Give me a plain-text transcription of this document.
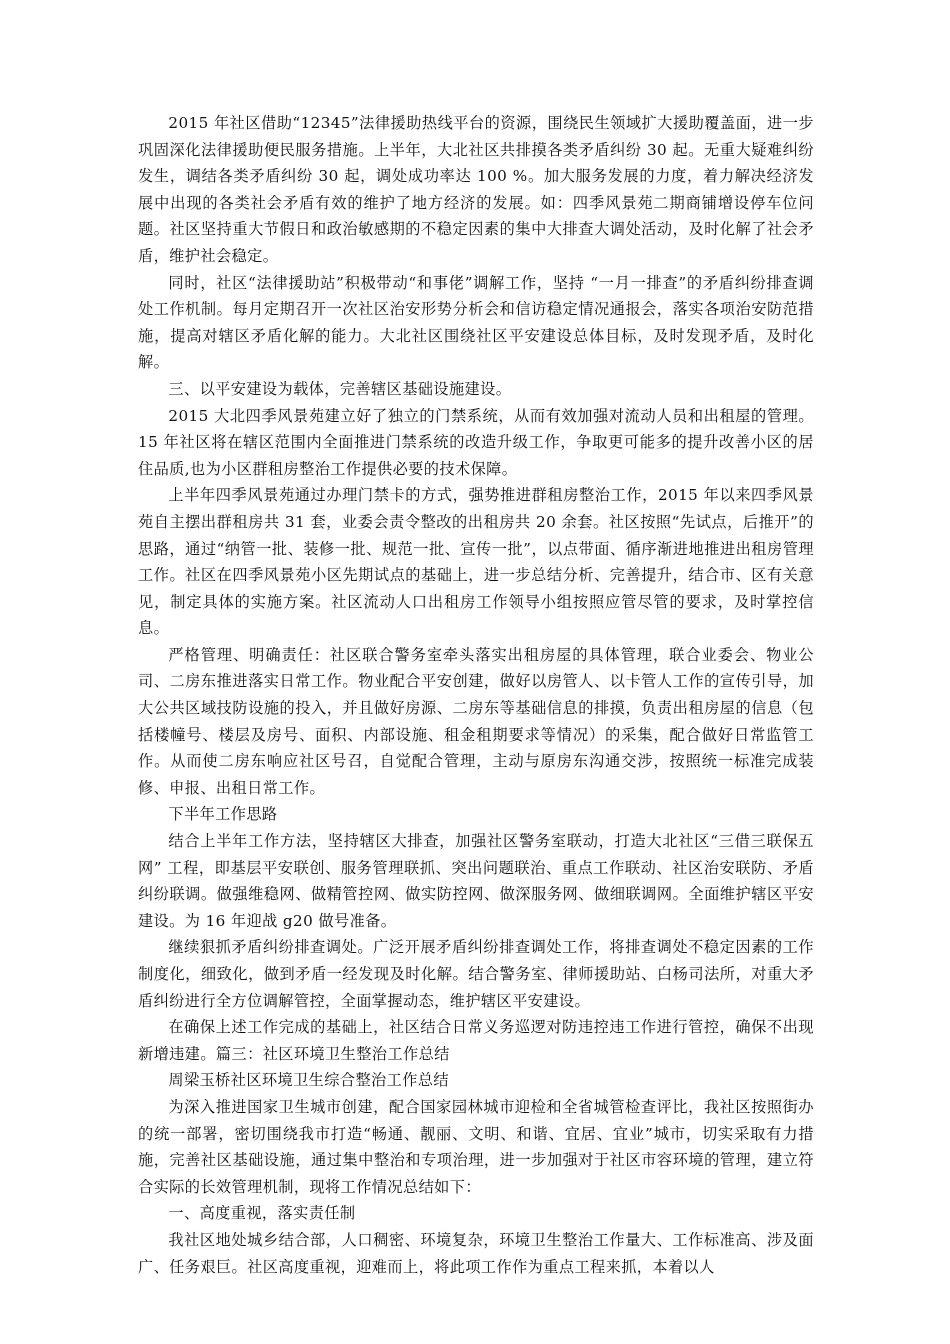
2015 年社区借助“12345”法律援助热线平台的资源，围绕民生领域扩大援助覆盖面，进一步巩固深化法律援助便民服务措施。上半年，大北社区共排摸各类矛盾纠纷 30 起。无重大疑难纠纷发生，调结各类矛盾纠纷 30 起，调处成功率达 100 %。加大服务发展的力度，着力解决经济发展中出现的各类社会矛盾有效的维护了地方经济的发展。如：四季风景苑二期商铺增设停车位问题。社区坚持重大节假日和政治敏感期的不稳定因素的集中大排查大调处活动，及时化解了社会矛盾，维护社会稳定。

同时，社区“法律援助站”积极带动“和事佬”调解工作，坚持 “一月一排查”的矛盾纠纷排查调处工作机制。每月定期召开一次社区治安形势分析会和信访稳定情况通报会，落实各项治安防范措施，提高对辖区矛盾化解的能力。大北社区围绕社区平安建设总体目标，及时发现矛盾，及时化解。

三、以平安建设为载体，完善辖区基础设施建设。

2015 大北四季风景苑建立好了独立的门禁系统，从而有效加强对流动人员和出租屋的管理。15 年社区将在辖区范围内全面推进门禁系统的改造升级工作，争取更可能多的提升改善小区的居住品质,也为小区群租房整治工作提供必要的技术保障。

上半年四季风景苑通过办理门禁卡的方式，强势推进群租房整治工作，2015 年以来四季风景苑自主摆出群租房共 31 套，业委会责令整改的出租房共 20 余套。社区按照“先试点，后推开”的思路，通过“纳管一批、装修一批、规范一批、宣传一批”，以点带面、循序渐进地推进出租房管理工作。社区在四季风景苑小区先期试点的基础上，进一步总结分析、完善提升，结合市、区有关意见，制定具体的实施方案。社区流动人口出租房工作领导小组按照应管尽管的要求，及时掌控信息。

严格管理、明确责任：社区联合警务室牵头落实出租房屋的具体管理，联合业委会、物业公司、二房东推进落实日常工作。物业配合平安创建，做好以房管人、以卡管人工作的宣传引导，加大公共区域技防设施的投入，并且做好房源、二房东等基础信息的排摸，负责出租房屋的信息（包括楼幢号、楼层及房号、面积、内部设施、租金租期要求等情况）的采集，配合做好日常监管工作。从而使二房东响应社区号召，自觉配合管理，主动与原房东沟通交涉，按照统一标准完成装修、申报、出租日常工作。

下半年工作思路

结合上半年工作方法，坚持辖区大排查，加强社区警务室联动，打造大北社区“三借三联保五网” 工程，即基层平安联创、服务管理联抓、突出问题联治、重点工作联动、社区治安联防、矛盾纠纷联调。做强维稳网、做精管控网、做实防控网、做深服务网、做细联调网。全面维护辖区平安建设。为 16 年迎战 g20 做号准备。

继续狠抓矛盾纠纷排查调处。广泛开展矛盾纠纷排查调处工作，将排查调处不稳定因素的工作制度化，细致化，做到矛盾一经发现及时化解。结合警务室、律师援助站、白杨司法所，对重大矛盾纠纷进行全方位调解管控，全面掌握动态，维护辖区平安建设。

在确保上述工作完成的基础上，社区结合日常义务巡逻对防违控违工作进行管控，确保不出现新增违建。篇三：社区环境卫生整治工作总结

周梁玉桥社区环境卫生综合整治工作总结

为深入推进国家卫生城市创建，配合国家园林城市迎检和全省城管检查评比，我社区按照街办的统一部署，密切围绕我市打造“畅通、靓丽、文明、和谐、宜居、宜业”城市，切实采取有力措施，完善社区基础设施，通过集中整治和专项治理，进一步加强对于社区市容环境的管理，建立符合实际的长效管理机制，现将工作情况总结如下：

一、高度重视，落实责任制

我社区地处城乡结合部，人口稠密、环境复杂，环境卫生整治工作量大、工作标准高、涉及面广、任务艰巨。社区高度重视，迎难而上，将此项工作作为重点工程来抓，本着以人
